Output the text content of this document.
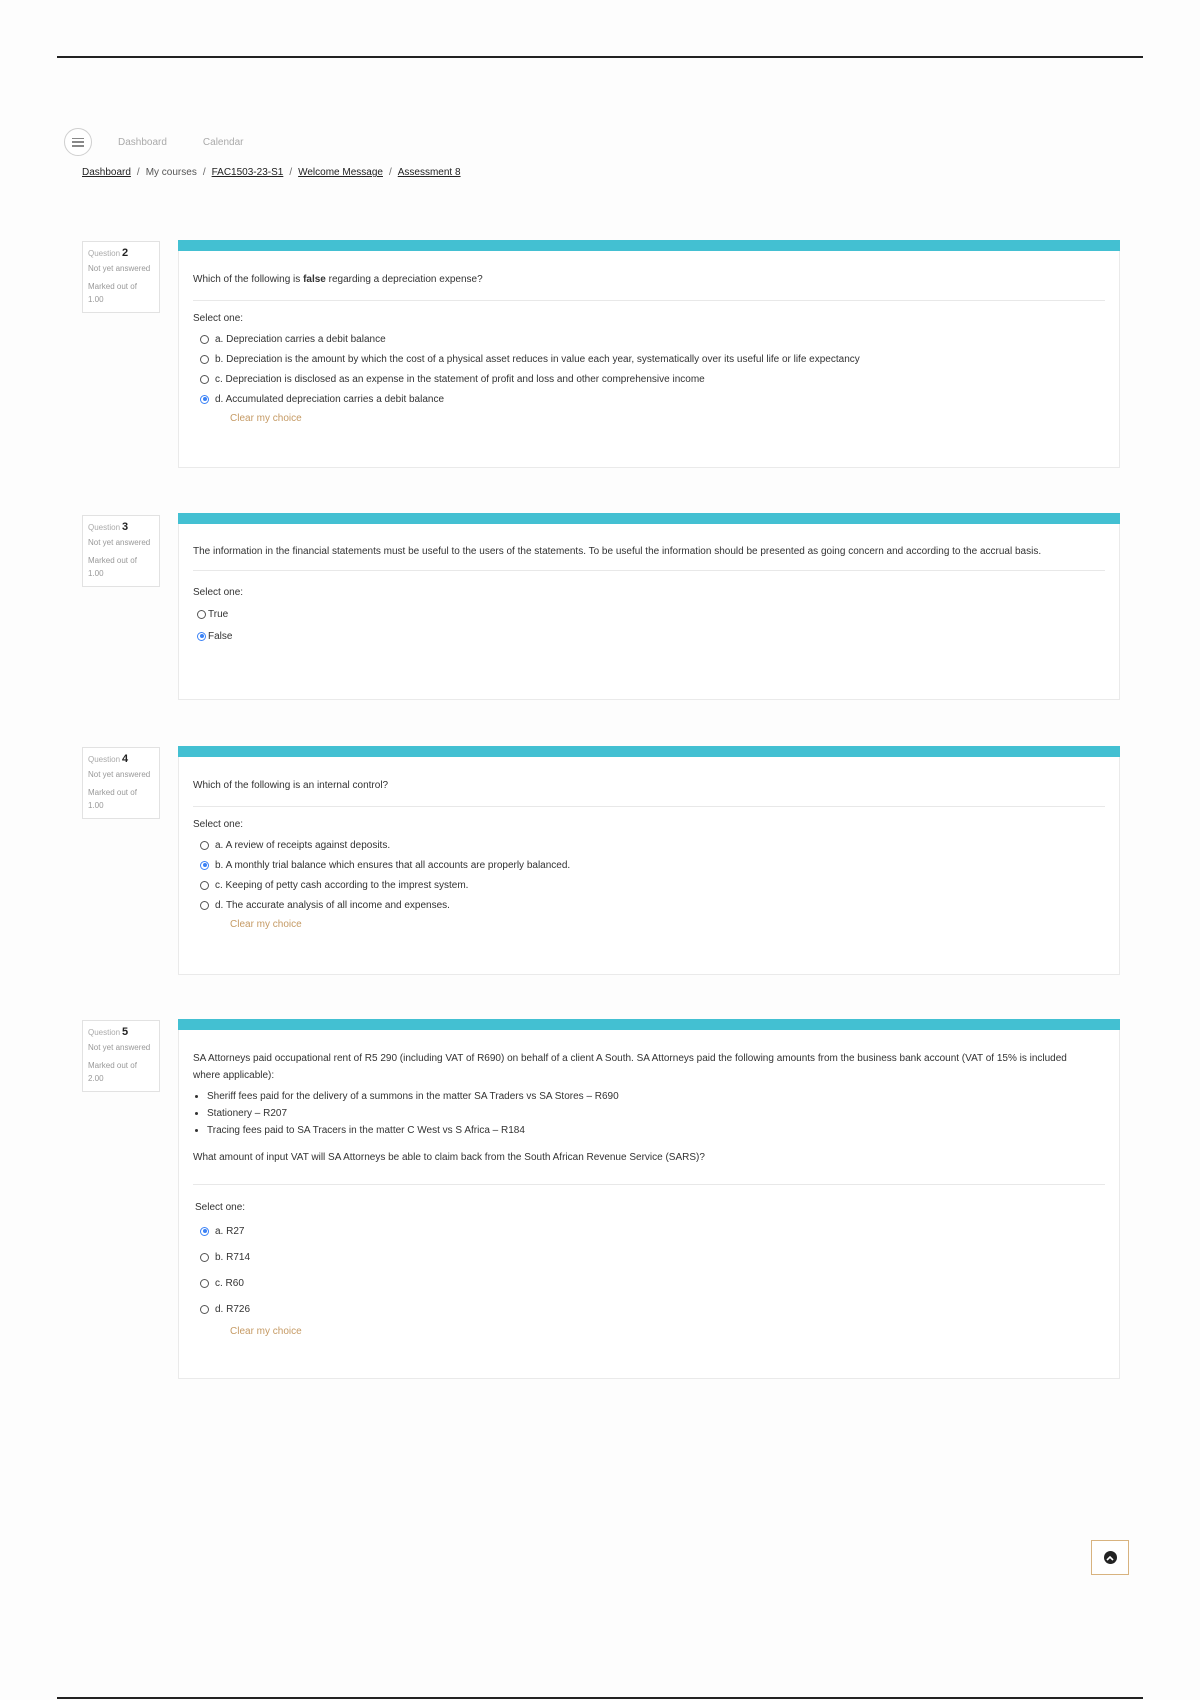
Dashboard	Calendar
Dashboard / My courses / FAC1503-23-S1 / Welcome Message / Assessment 8
Question 2
Not yet answered
Marked out of 1.00
Which of the following is false regarding a depreciation expense?
Select one:
a. Depreciation carries a debit balance
b. Depreciation is the amount by which the cost of a physical asset reduces in value each year, systematically over its useful life or life expectancy
c. Depreciation is disclosed as an expense in the statement of profit and loss and other comprehensive income
d. Accumulated depreciation carries a debit balance
Clear my choice
Question 3
Not yet answered
Marked out of 1.00
The information in the financial statements must be useful to the users of the statements. To be useful the information should be presented as going concern and according to the accrual basis.
Select one:
True
False
Question 4
Not yet answered
Marked out of 1.00
Which of the following is an internal control?
Select one:
a. A review of receipts against deposits.
b. A monthly trial balance which ensures that all accounts are properly balanced.
c. Keeping of petty cash according to the imprest system.
d. The accurate analysis of all income and expenses.
Clear my choice
Question 5
Not yet answered
Marked out of 2.00
SA Attorneys paid occupational rent of R5 290 (including VAT of R690) on behalf of a client A South. SA Attorneys paid the following amounts from the business bank account (VAT of 15% is included where applicable):
• Sheriff fees paid for the delivery of a summons in the matter SA Traders vs SA Stores – R690
• Stationery – R207
• Tracing fees paid to SA Tracers in the matter C West vs S Africa – R184
What amount of input VAT will SA Attorneys be able to claim back from the South African Revenue Service (SARS)?
Select one:
a. R27
b. R714
c. R60
d. R726
Clear my choice
